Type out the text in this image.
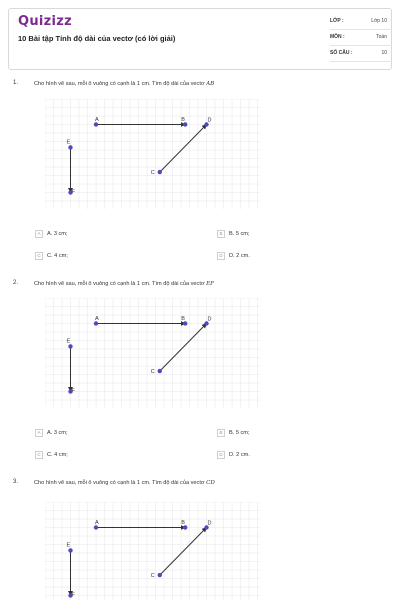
Quizizz
10 Bài tập Tính độ dài của vectơ (có lời giải)
LỚP :	Lớp 10
MÔN :	Toán
SỐ CÂU :	10
1.	Cho hình vẽ sau, mỗi ô vuông có cạnh là 1 cm. Tìm độ dài của vectơ AB
A	B
C
D
E
F
A A. 3 cm;	B B. 5 cm;
C C. 4 cm;	D D. 2 cm.
2.	Cho hình vẽ sau, mỗi ô vuông có cạnh là 1 cm. Tìm độ dài của vectơ EF
A	B
C
D
E
F
A A. 3 cm;	B B. 5 cm;
C C. 4 cm;	D D. 2 cm.
3.	Cho hình vẽ sau, mỗi ô vuông có cạnh là 1 cm. Tìm độ dài của vectơ CD
A	B
C
D
E
F
